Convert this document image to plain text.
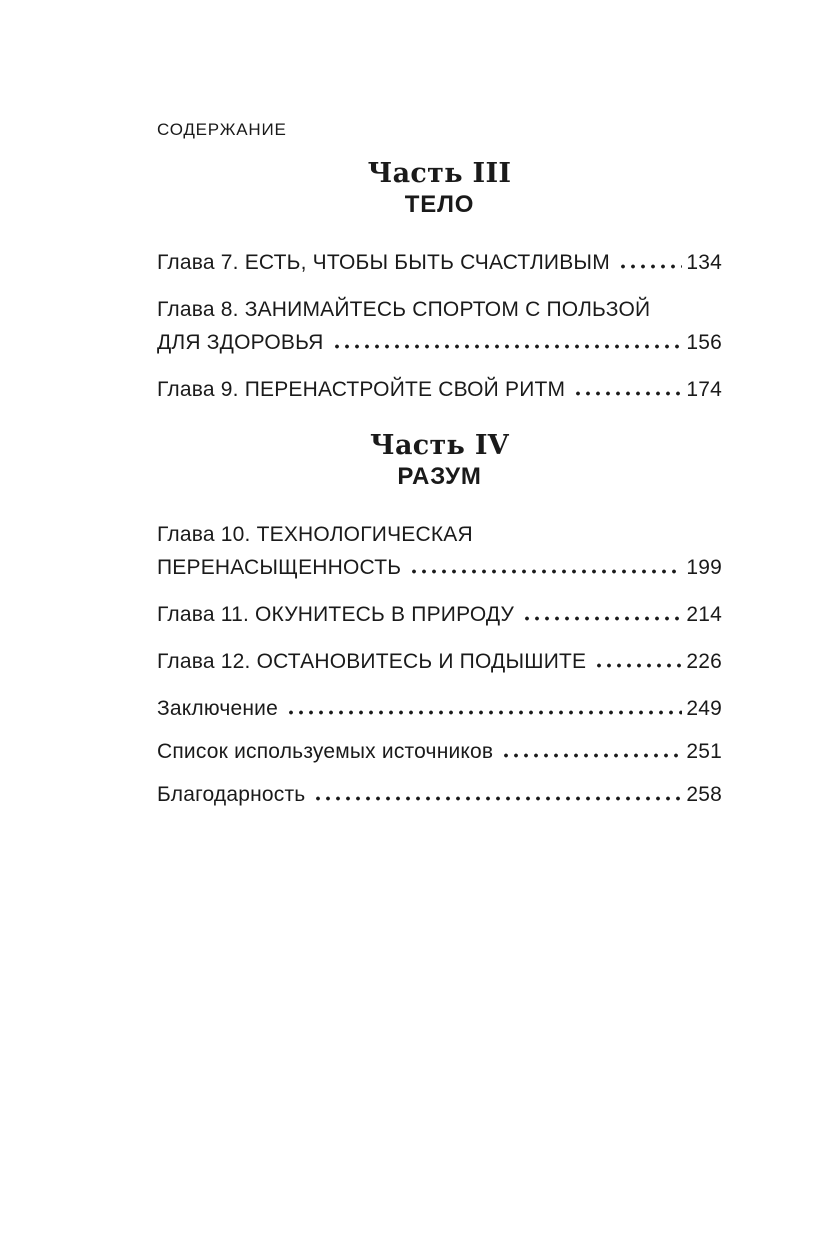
СОДЕРЖАНИЕ
Часть III
ТЕЛО
Глава 7. ЕСТЬ, ЧТОБЫ БЫТЬ СЧАСТЛИВЫМ	134
Глава 8. ЗАНИМАЙТЕСЬ СПОРТОМ С ПОЛЬЗОЙ
ДЛЯ ЗДОРОВЬЯ	156
Глава 9. ПЕРЕНАСТРОЙТЕ СВОЙ РИТМ	174
Часть IV
РАЗУМ
Глава 10. ТЕХНОЛОГИЧЕСКАЯ
ПЕРЕНАСЫЩЕННОСТЬ	199
Глава 11. ОКУНИТЕСЬ В ПРИРОДУ	214
Глава 12. ОСТАНОВИТЕСЬ И ПОДЫШИТЕ	226
Заключение	249
Список используемых источников	251
Благодарность	258
